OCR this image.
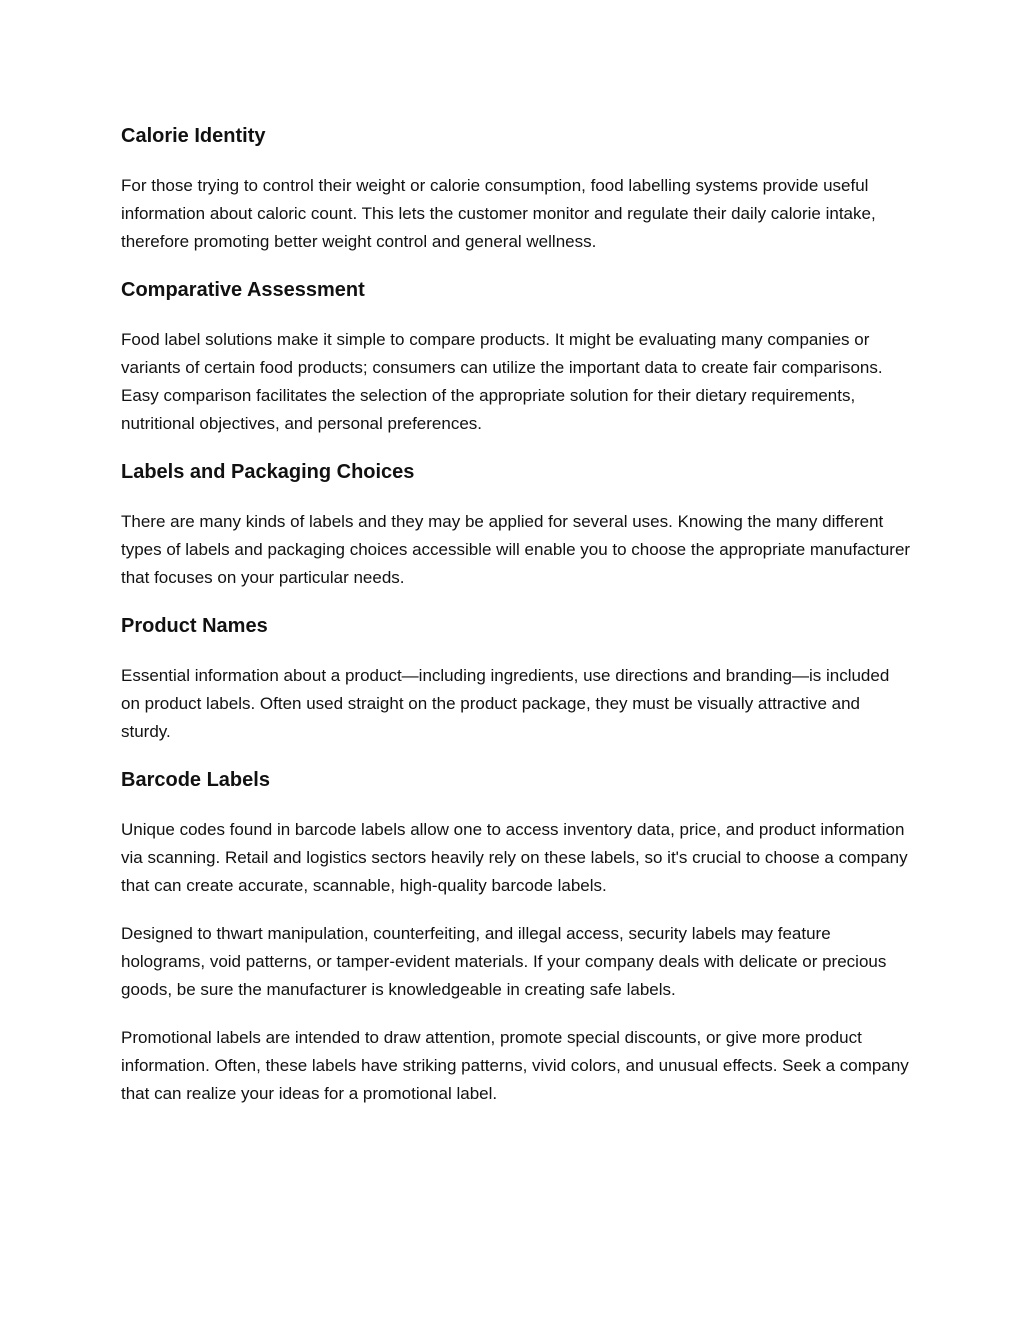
Calorie Identity

For those trying to control their weight or calorie consumption, food labelling systems provide useful information about caloric count. This lets the customer monitor and regulate their daily calorie intake, therefore promoting better weight control and general wellness.

Comparative Assessment

Food label solutions make it simple to compare products. It might be evaluating many companies or variants of certain food products; consumers can utilize the important data to create fair comparisons. Easy comparison facilitates the selection of the appropriate solution for their dietary requirements, nutritional objectives, and personal preferences.

Labels and Packaging Choices

There are many kinds of labels and they may be applied for several uses. Knowing the many different types of labels and packaging choices accessible will enable you to choose the appropriate manufacturer that focuses on your particular needs.

Product Names

Essential information about a product—including ingredients, use directions and branding—is included on product labels. Often used straight on the product package, they must be visually attractive and sturdy.

Barcode Labels

Unique codes found in barcode labels allow one to access inventory data, price, and product information via scanning. Retail and logistics sectors heavily rely on these labels, so it's crucial to choose a company that can create accurate, scannable, high-quality barcode labels.

Designed to thwart manipulation, counterfeiting, and illegal access, security labels may feature holograms, void patterns, or tamper-evident materials. If your company deals with delicate or precious goods, be sure the manufacturer is knowledgeable in creating safe labels.

Promotional labels are intended to draw attention, promote special discounts, or give more product information. Often, these labels have striking patterns, vivid colors, and unusual effects. Seek a company that can realize your ideas for a promotional label.
